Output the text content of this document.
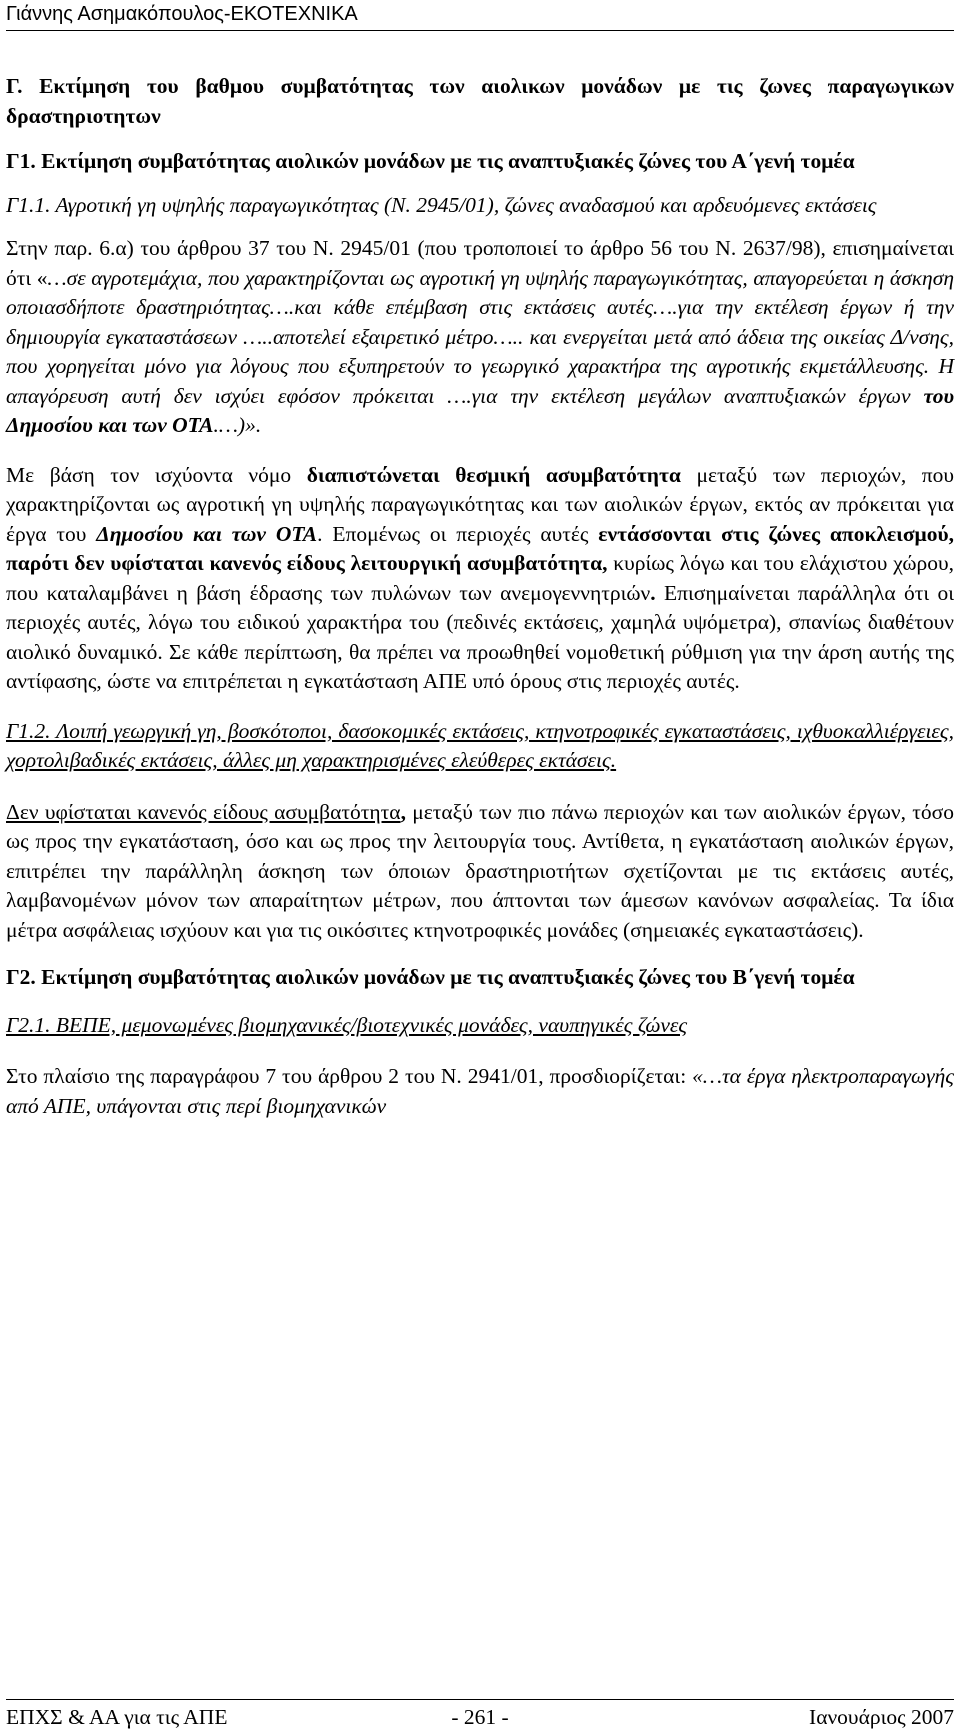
Γιάννης Ασημακόπουλος-ΕΚΟΤΕΧΝΙΚΑ

Γ. Εκτίμηση του βαθμου συμβατότητας των αιολικων μονάδων με τις ζωνες παραγωγικων δραστηριοτητων

Γ1. Εκτίμηση συμβατότητας αιολικών μονάδων με τις αναπτυξιακές ζώνες του Α΄γενή τομέα

Γ1.1. Αγροτική γη υψηλής παραγωγικότητας (Ν. 2945/01), ζώνες αναδασμού και αρδευόμενες εκτάσεις

Στην παρ. 6.α) του άρθρου 37 του Ν. 2945/01 (που τροποποιεί το άρθρο 56 του Ν. 2637/98), επισημαίνεται ότι «…σε αγροτεμάχια, που χαρακτηρίζονται ως αγροτική γη υψηλής παραγωγικότητας, απαγορεύεται η άσκηση οποιασδήποτε δραστηριότητας….και κάθε επέμβαση στις εκτάσεις αυτές….για την εκτέλεση έργων ή την δημιουργία εγκαταστάσεων …..αποτελεί εξαιρετικό μέτρο….. και ενεργείται μετά από άδεια της οικείας Δ/νσης, που χορηγείται μόνο για λόγους που εξυπηρετούν το γεωργικό χαρακτήρα της αγροτικής εκμετάλλευσης. Η απαγόρευση αυτή δεν ισχύει εφόσον πρόκειται ….για την εκτέλεση μεγάλων αναπτυξιακών έργων του Δημοσίου και των ΟΤΑ.…)».

Με βάση τον ισχύοντα νόμο διαπιστώνεται θεσμική ασυμβατότητα μεταξύ των περιοχών, που χαρακτηρίζονται ως αγροτική γη υψηλής παραγωγικότητας και των αιολικών έργων, εκτός αν πρόκειται για έργα του Δημοσίου και των ΟΤΑ. Επομένως οι περιοχές αυτές εντάσσονται στις ζώνες αποκλεισμού, παρότι δεν υφίσταται κανενός είδους λειτουργική ασυμβατότητα, κυρίως λόγω και του ελάχιστου χώρου, που καταλαμβάνει η βάση έδρασης των πυλώνων των ανεμογεννητριών. Επισημαίνεται παράλληλα ότι οι περιοχές αυτές, λόγω του ειδικού χαρακτήρα του (πεδινές εκτάσεις, χαμηλά υψόμετρα), σπανίως διαθέτουν αιολικό δυναμικό. Σε κάθε περίπτωση, θα πρέπει να προωθηθεί νομοθετική ρύθμιση για την άρση αυτής της αντίφασης, ώστε να επιτρέπεται η εγκατάσταση ΑΠΕ υπό όρους στις περιοχές αυτές.

Γ1.2. Λοιπή γεωργική γη, βοσκότοποι, δασοκομικές εκτάσεις, κτηνοτροφικές εγκαταστάσεις, ιχθυοκαλλιέργειες, χορτολιβαδικές εκτάσεις, άλλες μη χαρακτηρισμένες ελεύθερες εκτάσεις.

Δεν υφίσταται κανενός είδους ασυμβατότητα, μεταξύ των πιο πάνω περιοχών και των αιολικών έργων, τόσο ως προς την εγκατάσταση, όσο και ως προς την λειτουργία τους. Αντίθετα, η εγκατάσταση αιολικών έργων, επιτρέπει την παράλληλη άσκηση των όποιων δραστηριοτήτων σχετίζονται με τις εκτάσεις αυτές, λαμβανομένων μόνον των απαραίτητων μέτρων, που άπτονται των άμεσων κανόνων ασφαλείας. Τα ίδια μέτρα ασφάλειας ισχύουν και για τις οικόσιτες κτηνοτροφικές μονάδες (σημειακές εγκαταστάσεις).

Γ2. Εκτίμηση συμβατότητας αιολικών μονάδων με τις αναπτυξιακές ζώνες του Β΄γενή τομέα

Γ2.1. ΒΕΠΕ, μεμονωμένες βιομηχανικές/βιοτεχνικές μονάδες, ναυπηγικές ζώνες

Στο πλαίσιο της παραγράφου 7 του άρθρου 2 του Ν. 2941/01, προσδιορίζεται: «…τα έργα ηλεκτροπαραγωγής από ΑΠΕ, υπάγονται στις περί βιομηχανικών

ΕΠΧΣ & ΑΑ για τις ΑΠΕ	- 261 -	Ιανουάριος 2007
